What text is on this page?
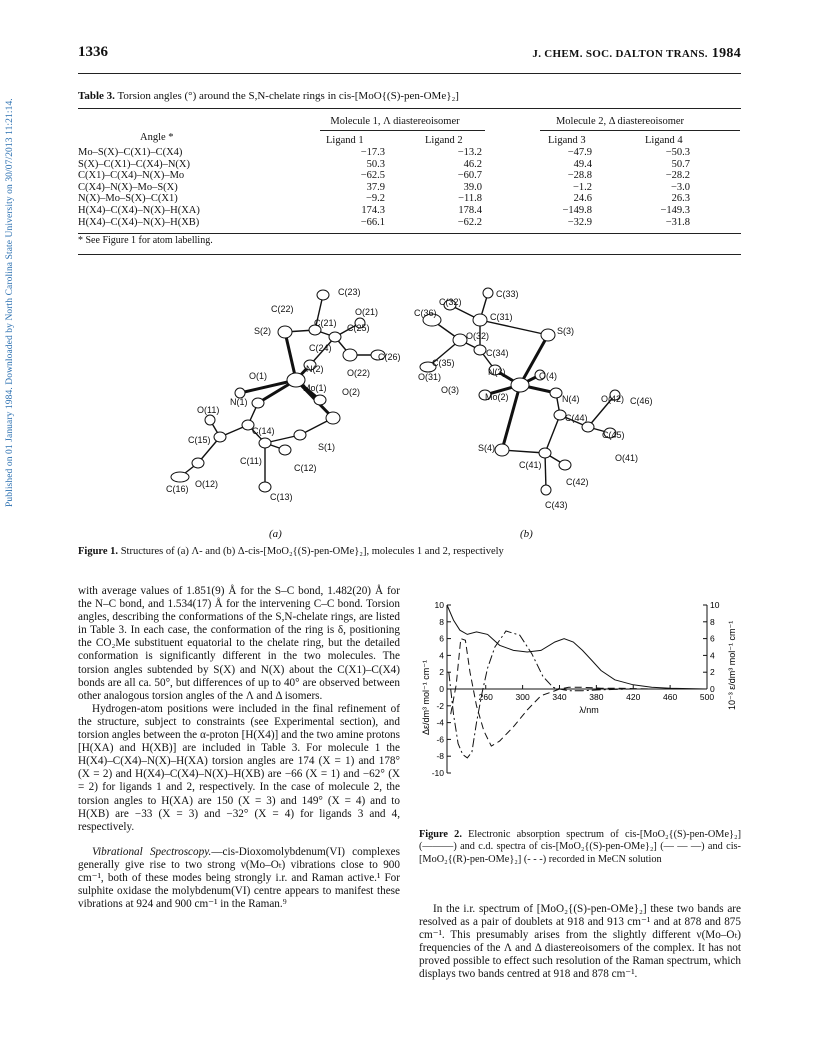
Published on 01 January 1984. Downloaded by North Carolina State University on 30/07/2013 11:21:14.
1336	J. CHEM. SOC. DALTON TRANS. 1984
Table 3. Torsion angles (°) around the S,N-chelate rings in cis-[MoO{(S)-pen-OMe}₂]
Molecule 1, Λ diastereoisomer	Molecule 2, Δ diastereoisomer
Angle *	Ligand 1	Ligand 2	Ligand 3	Ligand 4
Mo–S(X)–C(X1)–C(X4)	−17.3	−13.2	−47.9	−50.3
S(X)–C(X1)–C(X4)–N(X)	50.3	46.2	49.4	50.7
C(X1)–C(X4)–N(X)–Mo	−62.5	−60.7	−28.8	−28.2
C(X4)–N(X)–Mo–S(X)	37.9	39.0	−1.2	−3.0
N(X)–Mo–S(X)–C(X1)	−9.2	−11.8	24.6	26.3
H(X4)–C(X4)–N(X)–H(XA)	174.3	178.4	−149.8	−149.3
H(X4)–C(X4)–N(X)–H(XB)	−66.1	−62.2	−32.9	−31.8
* See Figure 1 for atom labelling.
C(23)
C(22)	O(21)
C(21) C(25)
S(2)
C(24)
C(26)
N(2)	O(22)
O(1)
Mo(1) O(2)
N(1)
O(11)
C(14)
C(15)
S(1)
C(11)
C(12)
C(16) O(12)
C(13)
C(33)
C(32)
C(36)	C(31)
S(3)
O(32)
C(34)
C(35)
O(31)	N(3)	O(4)
O(3)
Mo(2)	N(4) O(42) C(46)
C(44)
C(45)
S(4)
O(41)
C(41)
C(42)
C(43)
(a)	(b)
Figure 1. Structures of (a) Λ- and (b) Δ-cis-[MoO₂{(S)-pen-OMe}₂], molecules 1 and 2, respectively

with average values of 1.851(9) Å for the S–C bond, 1.482(20) Å for the N–C bond, and 1.534(17) Å for the intervening C–C bond. Torsion angles, describing the conformations of the S,N-chelate rings, are listed in Table 3. In each case, the conformation of the ring is δ, positioning the CO₂Me substituent equatorial to the chelate ring, but the detailed conformation is significantly different in the two molecules. The torsion angles subtended by S(X) and N(X) about the C(X1)–C(X4) bonds are all ca. 50°, but differences of up to 40° are observed between other analogous torsion angles of the Λ and Δ isomers.

Hydrogen-atom positions were included in the final refinement of the structure, subject to constraints (see Experimental section), and torsion angles between the α-proton [H(X4)] and the two amine protons [H(XA) and H(XB)] are included in Table 3. For molecule 1 the H(X4)–C(X4)–N(X)–H(XA) torsion angles are 174 (X = 1) and 178° (X = 2) and H(X4)–C(X4)–N(X)–H(XB) are −66 (X = 1) and −62° (X = 2) for ligands 1 and 2, respectively. In the case of molecule 2, the torsion angles to H(XA) are 150 (X = 3) and 149° (X = 4) and to H(XB) are −33 (X = 3) and −32° (X = 4) for ligands 3 and 4, respectively.

Vibrational Spectroscopy.—cis-Dioxomolybdenum(VI) complexes generally give rise to two strong ν(Mo–Oₜ) vibrations close to 900 cm⁻¹, both of these modes being strongly i.r. and Raman active.¹ For sulphite oxidase the molybdenum(VI) centre appears to manifest these vibrations at 924 and 900 cm⁻¹ in the Raman.⁹

10
8
6
4
2
0
-2
-4
-6
-8
-10
10
8
6
4
2
0
260	300	340	380	420	460	500
Δε/dm³ mol⁻¹ cm⁻¹	10⁻³ ε/dm³ mol⁻¹ cm⁻¹
λ/nm
Figure 2. Electronic absorption spectrum of cis-[MoO₂{(S)-pen-OMe}₂] (———) and c.d. spectra of cis-[MoO₂{(S)-pen-OMe}₂] (— — —) and cis-[MoO₂{(R)-pen-OMe}₂] (- - -) recorded in MeCN solution

In the i.r. spectrum of [MoO₂{(S)-pen-OMe}₂] these two bands are resolved as a pair of doublets at 918 and 913 cm⁻¹ and at 878 and 875 cm⁻¹. This presumably arises from the slightly different ν(Mo–Oₜ) frequencies of the Λ and Δ diastereoisomers of the complex. It has not proved possible to effect such resolution of the Raman spectrum, which displays two bands centred at 918 and 878 cm⁻¹.
